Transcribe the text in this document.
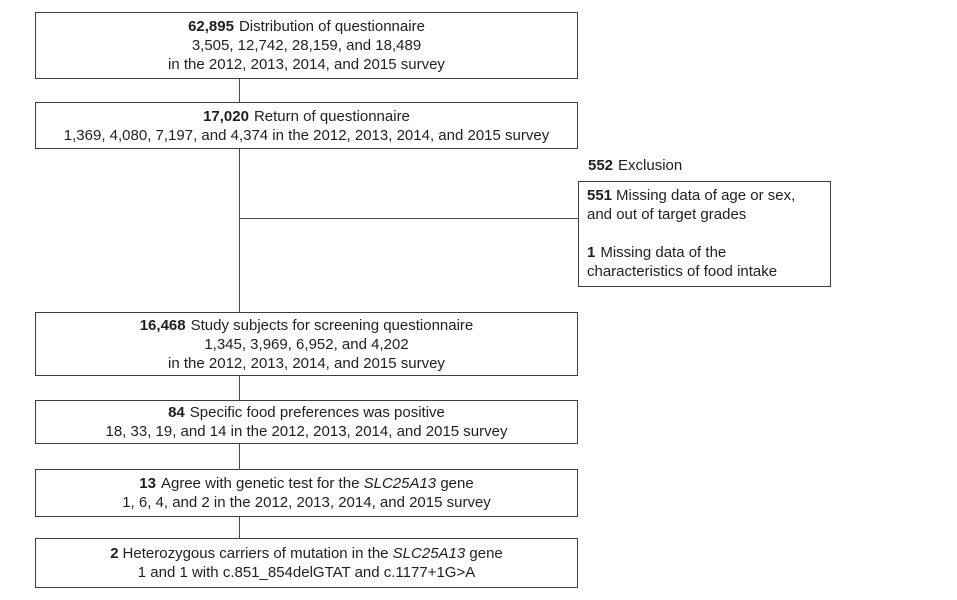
62,895 Distribution of questionnaire
3,505, 12,742, 28,159, and 18,489
in the 2012, 2013, 2014, and 2015 survey
17,020 Return of questionnaire
1,369, 4,080, 7,197, and 4,374 in the 2012, 2013, 2014, and 2015 survey
552 Exclusion

551 Missing data of age or sex, and out of target grades

1 Missing data of the characteristics of food intake

16,468 Study subjects for screening questionnaire
1,345, 3,969, 6,952, and 4,202
in the 2012, 2013, 2014, and 2015 survey
84 Specific food preferences was positive
18, 33, 19, and 14 in the 2012, 2013, 2014, and 2015 survey
13 Agree with genetic test for the SLC25A13 gene
1, 6, 4, and 2 in the 2012, 2013, 2014, and 2015 survey
2 Heterozygous carriers of mutation in the SLC25A13 gene
1 and 1 with c.851_854delGTAT and c.1177+1G>A
